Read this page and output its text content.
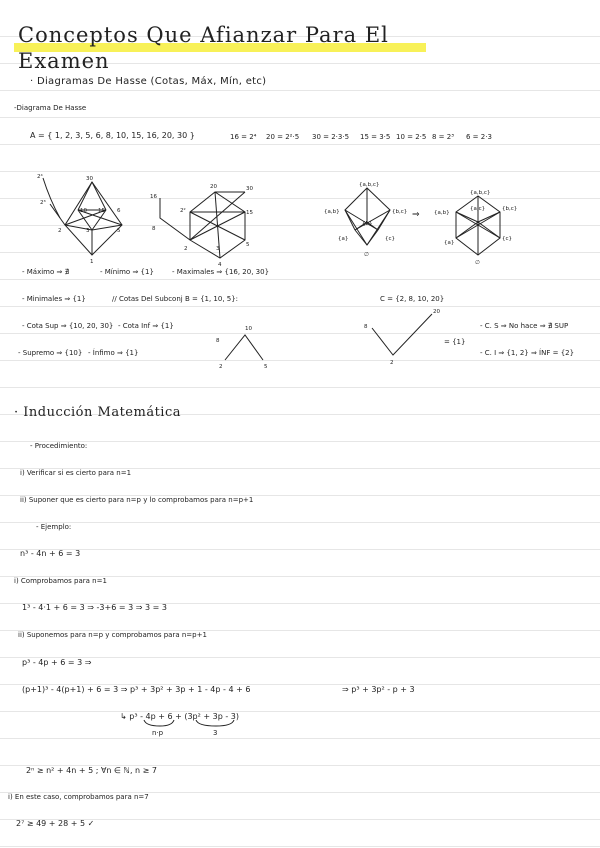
Conceptos Que Afianzar Para El Examen
· Diagramas De Hasse (Cotas, Máx, Mín, etc)
-Diagrama De Hasse
A = { 1, 2, 3, 5, 6, 8, 10, 15, 16, 20, 30 }	16 = 2⁴ 20 = 2²·5 30 = 2·3·5 15 = 3·5 10 = 2·5 8 = 2³ 6 = 2·3
2⁴
2³
30
10 15
2	3	5
1
6
16
8
2²
20
2
30
15
3
5
4
{a,b,c}
{a,b}	{b,c}
{a}
{b}
{c}
∅
⇒
{a,b,c}
{a,b}
{b,c}
{a}
{a,c}
{c}
∅
8
10
2	5
8
20
2
- Máximo ⇒ ∄	- Mínimo ⇒ {1}	- Maximales ⇒ {16, 20, 30}
- Minimales ⇒ {1}	// Cotas Del Subconj B = {1, 10, 5}:	C = {2, 8, 10, 20}
- Cota Sup ⇒ {10, 20, 30} - Cota Inf ⇒ {1}
= {1}
- C. S ⇒ No hace ⇒ ∄ SUP
- Supremo ⇒ {10} - Ínfimo ⇒ {1}	- C. I ⇒ {1, 2} ⇒ ÍNF = {2}
· Inducción Matemática
- Procedimiento:
i) Verificar si es cierto para n=1
ii) Suponer que es cierto para n=p y lo comprobamos para n=p+1
- Ejemplo:
n³ - 4n + 6 = 3
i) Comprobamos para n=1
1³ - 4·1 + 6 = 3 ⇒ -3+6 = 3 ⇒ 3 = 3
ii) Suponemos para n=p y comprobamos para n=p+1
p³ - 4p + 6 = 3 ⇒
(p+1)³ - 4(p+1) + 6 = 3 ⇒ p³ + 3p² + 3p + 1 - 4p - 4 + 6	⇒ p³ + 3p² - p + 3
↳ p³ - 4p + 6 + (3p² + 3p - 3)
n·p	3
2ⁿ ≥ n² + 4n + 5 ; ∀n ∈ ℕ, n ≥ 7
i) En este caso, comprobamos para n=7
2⁷ ≥ 49 + 28 + 5 ✓
